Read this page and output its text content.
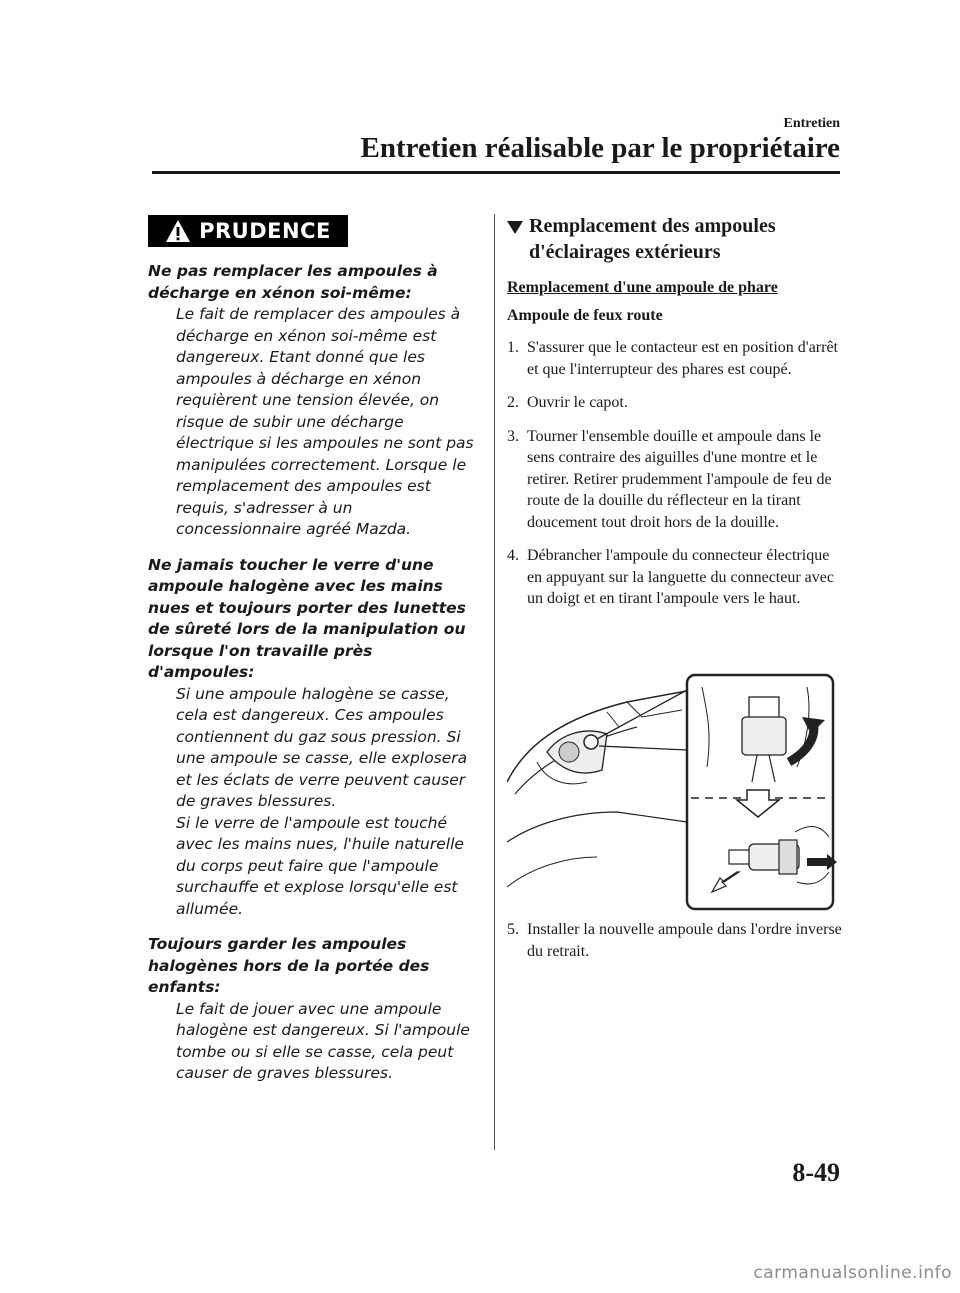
Entretien
Entretien réalisable par le propriétaire
PRUDENCE
Ne pas remplacer les ampoules à décharge en xénon soi-même:
Le fait de remplacer des ampoules à décharge en xénon soi-même est dangereux. Etant donné que les ampoules à décharge en xénon requièrent une tension élevée, on risque de subir une décharge électrique si les ampoules ne sont pas manipulées correctement. Lorsque le remplacement des ampoules est requis, s'adresser à un concessionnaire agréé Mazda.
Ne jamais toucher le verre d'une ampoule halogène avec les mains nues et toujours porter des lunettes de sûreté lors de la manipulation ou lorsque l'on travaille près d'ampoules:
Si une ampoule halogène se casse, cela est dangereux. Ces ampoules contiennent du gaz sous pression. Si une ampoule se casse, elle explosera et les éclats de verre peuvent causer de graves blessures.
Si le verre de l'ampoule est touché avec les mains nues, l'huile naturelle du corps peut faire que l'ampoule surchauffe et explose lorsqu'elle est allumée.
Toujours garder les ampoules halogènes hors de la portée des enfants:
Le fait de jouer avec une ampoule halogène est dangereux. Si l'ampoule tombe ou si elle se casse, cela peut causer de graves blessures.
Remplacement des ampoules d'éclairages extérieurs
Remplacement d'une ampoule de phare
Ampoule de feux route
1. S'assurer que le contacteur est en position d'arrêt et que l'interrupteur des phares est coupé.
2. Ouvrir le capot.
3. Tourner l'ensemble douille et ampoule dans le sens contraire des aiguilles d'une montre et le retirer. Retirer prudemment l'ampoule de feu de route de la douille du réflecteur en la tirant doucement tout droit hors de la douille.
4. Débrancher l'ampoule du connecteur électrique en appuyant sur la languette du connecteur avec un doigt et en tirant l'ampoule vers le haut.
5. Installer la nouvelle ampoule dans l'ordre inverse du retrait.
8-49
carmanualsonline.info
